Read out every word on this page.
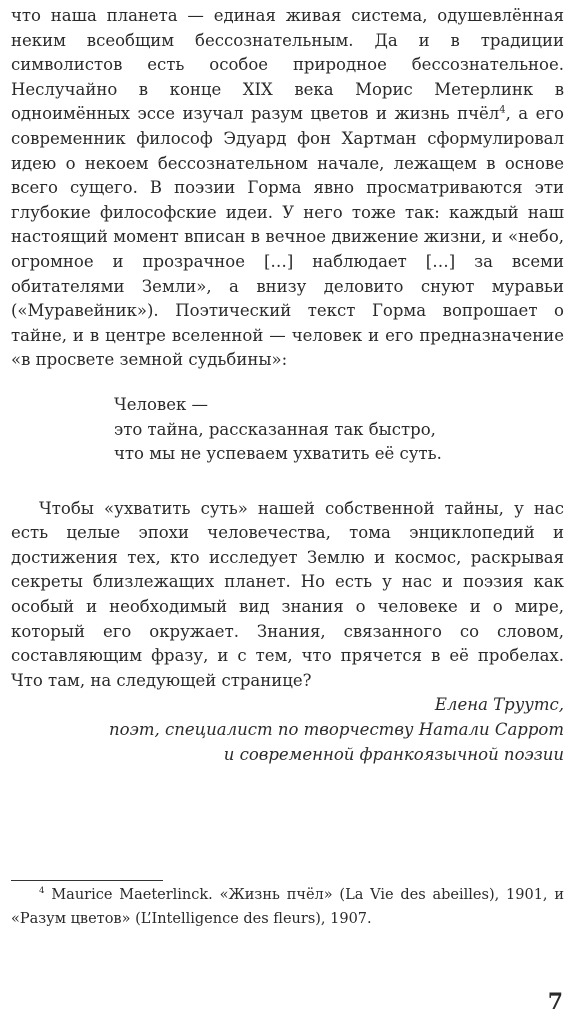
что наша планета — единая живая система, одушевлённая неким всеобщим бессознательным. Да и в традиции символистов есть особое природное бессознательное. Неслучайно в конце XIX века Морис Метерлинк в одноимённых эссе изучал разум цветов и жизнь пчёл$^4$, а его современник философ Эдуард фон Хартман сформулировал идею о некоем бессознательном начале, лежащем в основе всего сущего. В поэзии Горма явно просматриваются эти глубокие философские идеи. У него тоже так: каждый наш настоящий момент вписан в вечное движение жизни, и «небо, огромное и прозрачное […] наблюдает […] за всеми обитателями Земли», а внизу деловито снуют муравьи («Муравейник»). Поэтический текст Горма вопрошает о тайне, и в центре вселенной — человек и его предназначение «в просвете земной судьбины»:

Человек —
это тайна, рассказанная так быстро,
что мы не успеваем ухватить её суть.

Чтобы «ухватить суть» нашей собственной тайны, у нас есть целые эпохи человечества, тома энциклопедий и достижения тех, кто исследует Землю и космос, раскрывая секреты близлежащих планет. Но есть у нас и поэзия как особый и необходимый вид знания о человеке и о мире, который его окружает. Знания, связанного со словом, составляющим фразу, и с тем, что прячется в её пробелах. Что там, на следующей странице?

Елена Труутс,
поэт, специалист по творчеству Натали Саррот
и современной франкоязычной поэзии
$^4$ Maurice Maeterlinck. «Жизнь пчёл» (La Vie des abeilles), 1901, и «Разум цветов» (L’Intelligence des fleurs), 1907.
7
